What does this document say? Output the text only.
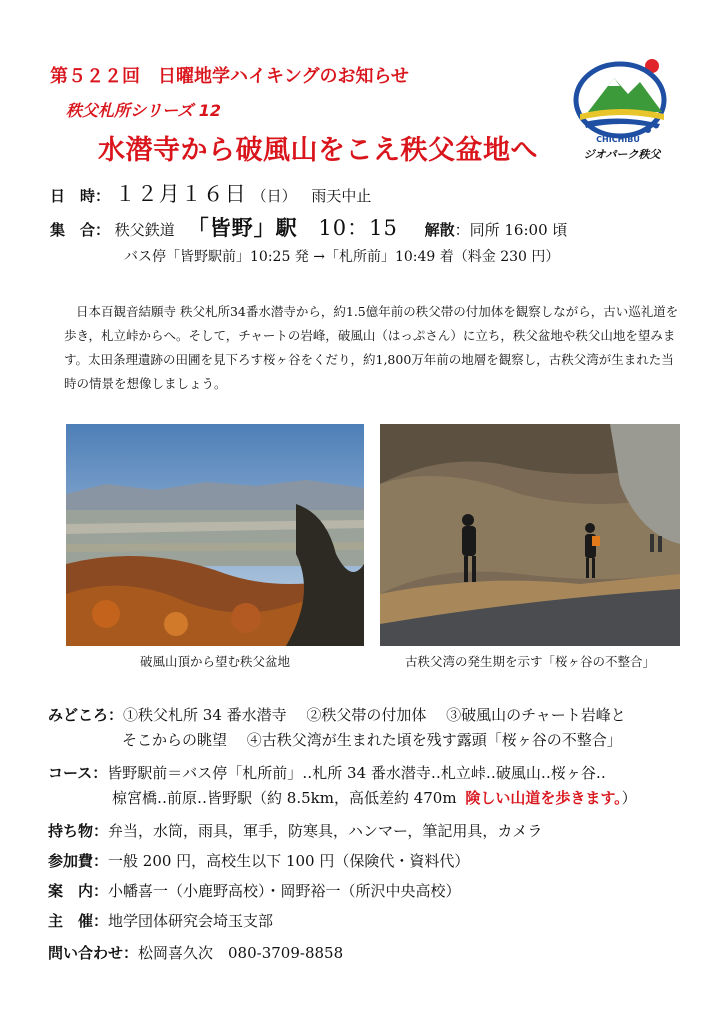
第５２２回　日曜地学ハイキングのお知らせ
秩父札所シリーズ 12
水潜寺から破風山をこえ秩父盆地へ	CHICHIBU
ジオパーク秩父
日　時： １２月１６日 （日） 雨天中止
集　合： 秩父鉄道 「皆野」駅 10：15 解散：同所 16:00 頃
バス停「皆野駅前」10:25 発 →「札所前」10:49 着（料金 230 円）
日本百観音結願寺 秩父札所34番水潜寺から，約1.5億年前の秩父帯の付加体を観察しながら，古い巡礼道を歩き，札立峠からへ。そして，チャートの岩峰，破風山（はっぷさん）に立ち，秩父盆地や秩父山地を望みます。太田条理遺跡の田圃を見下ろす桜ヶ谷をくだり，約1,800万年前の地層を観察し，古秩父湾が生まれた当時の情景を想像しましょう。
破風山頂から望む秩父盆地	古秩父湾の発生期を示す「桜ヶ谷の不整合」
みどころ：①秩父札所 34 番水潜寺　 ②秩父帯の付加体　 ③破風山のチャート岩峰と
そこからの眺望　 ④古秩父湾が生まれた頃を残す露頭「桜ヶ谷の不整合」
コース：皆野駅前＝バス停「札所前」‥札所 34 番水潜寺‥札立峠‥破風山‥桜ヶ谷‥
椋宮橋‥前原‥皆野駅（約 8.5km，高低差約 470m 険しい山道を歩きます。）
持ち物：弁当，水筒，雨具，軍手，防寒具，ハンマー，筆記用具，カメラ
参加費：一般 200 円，高校生以下 100 円（保険代・資料代）
案　内：小幡喜一（小鹿野高校）・岡野裕一（所沢中央高校）
主　催：地学団体研究会埼玉支部
問い合わせ：松岡喜久次　080-3709-8858
